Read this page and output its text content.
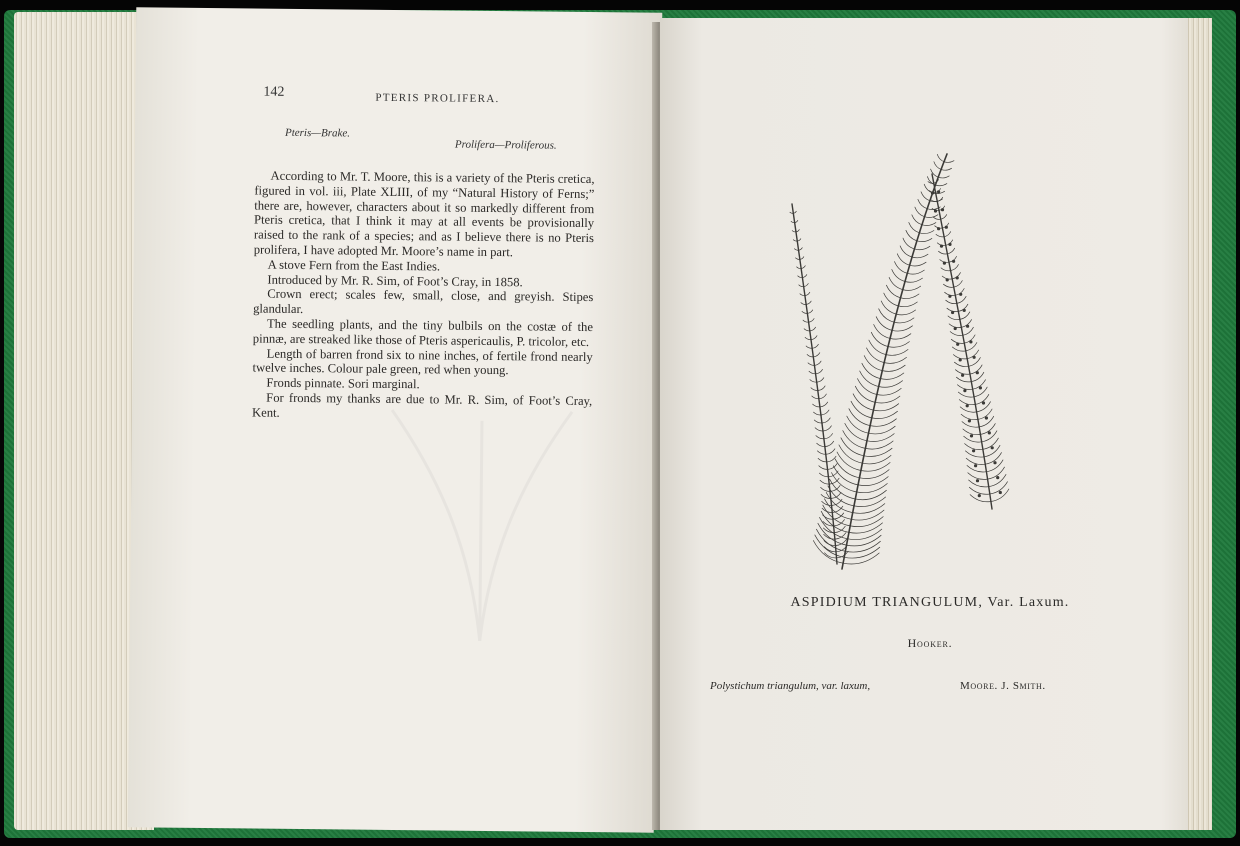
142	PTERIS PROLIFERA.
Pteris—Brake.
Prolifera—Proliferous.

According to Mr. T. Moore, this is a variety of the Pteris cretica, figured in vol. iii, Plate XLIII, of my “Natural History of Ferns;” there are, however, characters about it so markedly different from Pteris cretica, that I think it may at all events be provisionally raised to the rank of a species; and as I believe there is no Pteris prolifera, I have adopted Mr. Moore’s name in part.

A stove Fern from the East Indies.

Introduced by Mr. R. Sim, of Foot’s Cray, in 1858.

Crown erect; scales few, small, close, and greyish. Stipes glandular.

The seedling plants, and the tiny bulbils on the costæ of the pinnæ, are streaked like those of Pteris aspericaulis, P. tricolor, etc.

Length of barren frond six to nine inches, of fertile frond nearly twelve inches. Colour pale green, red when young.

Fronds pinnate. Sori marginal.

For fronds my thanks are due to Mr. R. Sim, of Foot’s Cray, Kent.

ASPIDIUM TRIANGULUM, Var. Laxum.
Hooker.
Polystichum triangulum, var. laxum,	Moore. J. Smith.
